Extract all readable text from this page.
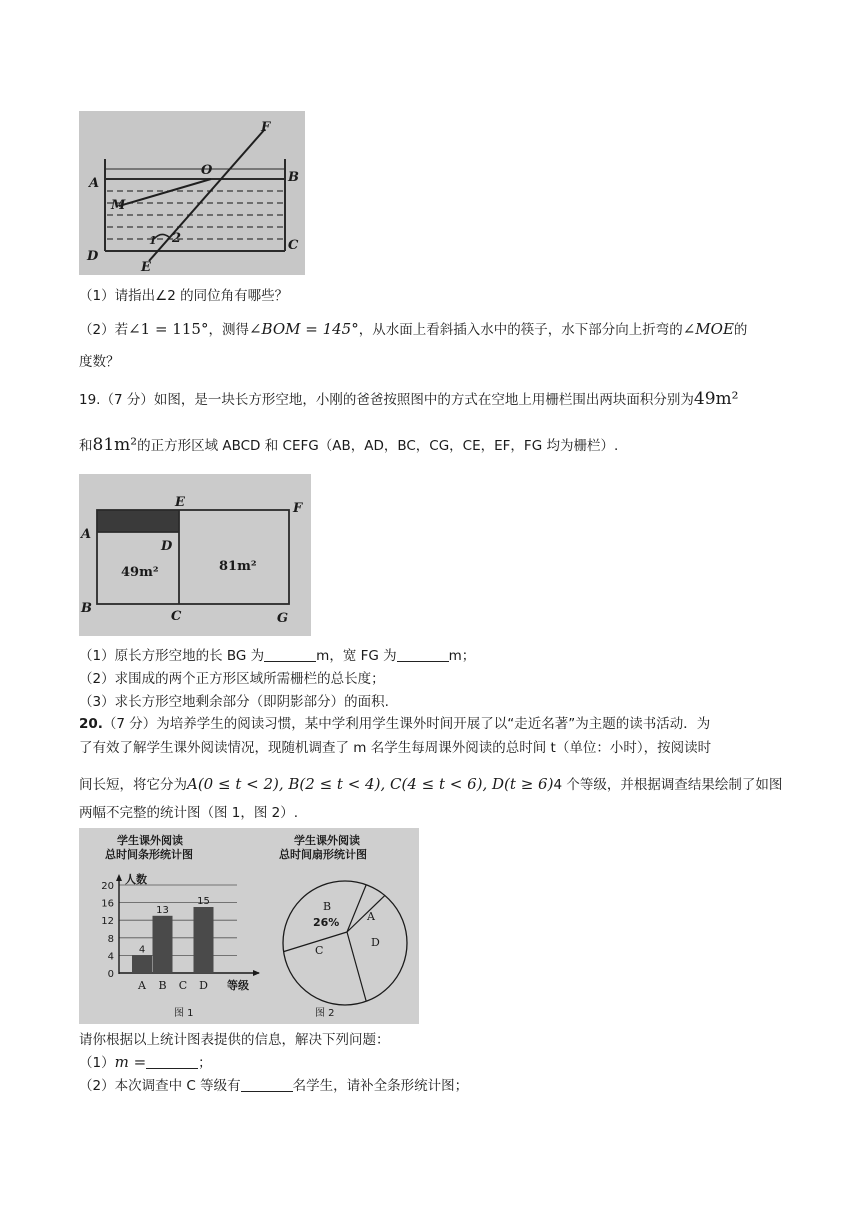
F
A
O	B
M
1 2
D
C
E
（1）请指出∠2 的同位角有哪些？
（2）若∠1 = 115°，测得∠BOM = 145°，从水面上看斜插入水中的筷子，水下部分向上折弯的∠MOE的
度数？
19.（7 分）如图，是一块长方形空地，小刚的爸爸按照图中的方式在空地上用栅栏围出两块面积分别为49m²
和81m²的正方形区域 ABCD 和 CEFG（AB，AD，BC，CG，CE，EF，FG 均为栅栏）.
E	F
A
D
B
C	G
49m²	81m²
（1）原长方形空地的长 BG 为	m，宽 FG 为	m；
（2）求围成的两个正方形区域所需栅栏的总长度；
（3）求长方形空地剩余部分（即阴影部分）的面积.
20.（7 分）为培养学生的阅读习惯，某中学利用学生课外时间开展了以“走近名著”为主题的读书活动．为
了有效了解学生课外阅读情况，现随机调查了 m 名学生每周课外阅读的总时间 t（单位：小时），按阅读时
间长短，将它分为A(0 ≤ t < 2), B(2 ≤ t < 4), C(4 ≤ t < 6), D(t ≥ 6)4 个等级，并根据调查结果绘制了如图
两幅不完整的统计图（图 1，图 2）.
学生课外阅读
总时间条形统计图
学生课外阅读
总时间扇形统计图
0
4
8
12
16
20
人数
等级
4
A
13
B C
15
D
A
B
C
D
26%
图 1	图 2
请你根据以上统计图表提供的信息，解决下列问题：
（1）m =	；
（2）本次调查中 C 等级有	名学生，请补全条形统计图；
